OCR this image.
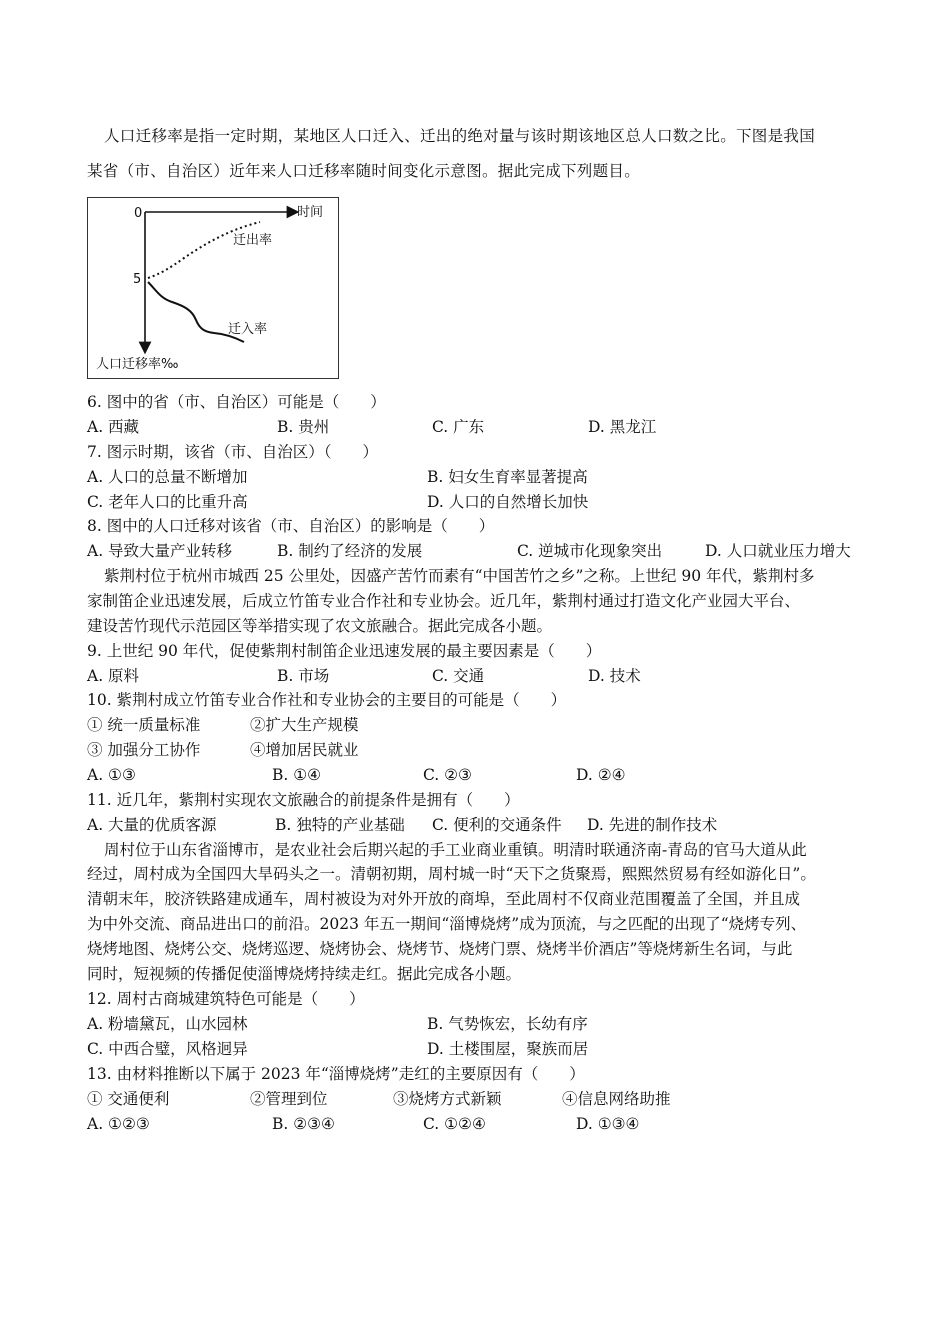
人口迁移率是指一定时期，某地区人口迁入、迁出的绝对量与该时期该地区总人口数之比。下图是我国
某省（市、自治区）近年来人口迁移率随时间变化示意图。据此完成下列题目。
0	时间
5
人口迁移率‰
迁出率
迁入率
6. 图中的省（市、自治区）可能是（　　）
A. 西藏	B. 贵州	C. 广东	D. 黑龙江
7. 图示时期，该省（市、自治区）（　　）
A. 人口的总量不断增加	B. 妇女生育率显著提高
C. 老年人口的比重升高	D. 人口的自然增长加快
8. 图中的人口迁移对该省（市、自治区）的影响是（　　）
A. 导致大量产业转移	B. 制约了经济的发展	C. 逆城市化现象突出	D. 人口就业压力增大
紫荆村位于杭州市城西 25 公里处，因盛产苦竹而素有“中国苦竹之乡”之称。上世纪 90 年代，紫荆村多
家制笛企业迅速发展，后成立竹笛专业合作社和专业协会。近几年，紫荆村通过打造文化产业园大平台、
建设苦竹现代示范园区等举措实现了农文旅融合。据此完成各小题。
9. 上世纪 90 年代，促使紫荆村制笛企业迅速发展的最主要因素是（　　）
A. 原料	B. 市场	C. 交通	D. 技术
10. 紫荆村成立竹笛专业合作社和专业协会的主要目的可能是（　　）
① 统一质量标准	②扩大生产规模
③ 加强分工协作	④增加居民就业
A. ①③	B. ①④	C. ②③	D. ②④
11. 近几年，紫荆村实现农文旅融合的前提条件是拥有（　　）
A. 大量的优质客源	B. 独特的产业基础 C. 便利的交通条件 D. 先进的制作技术
周村位于山东省淄博市，是农业社会后期兴起的手工业商业重镇。明清时联通济南-青岛的官马大道从此
经过，周村成为全国四大旱码头之一。清朝初期，周村城一时“天下之货聚焉，熙熙然贸易有经如游化日”。
清朝末年，胶济铁路建成通车，周村被设为对外开放的商埠，至此周村不仅商业范围覆盖了全国，并且成
为中外交流、商品进出口的前沿。2023 年五一期间“淄博烧烤”成为顶流，与之匹配的出现了“烧烤专列、
烧烤地图、烧烤公交、烧烤巡逻、烧烤协会、烧烤节、烧烤门票、烧烤半价酒店”等烧烤新生名词，与此
同时，短视频的传播促使淄博烧烤持续走红。据此完成各小题。
12. 周村古商城建筑特色可能是（　　）
A. 粉墙黛瓦，山水园林	B. 气势恢宏，长幼有序
C. 中西合璧，风格迥异	D. 土楼围屋，聚族而居
13. 由材料推断以下属于 2023 年“淄博烧烤”走红的主要原因有（　　）
① 交通便利	②管理到位	③烧烤方式新颖	④信息网络助推
A. ①②③	B. ②③④	C. ①②④	D. ①③④
